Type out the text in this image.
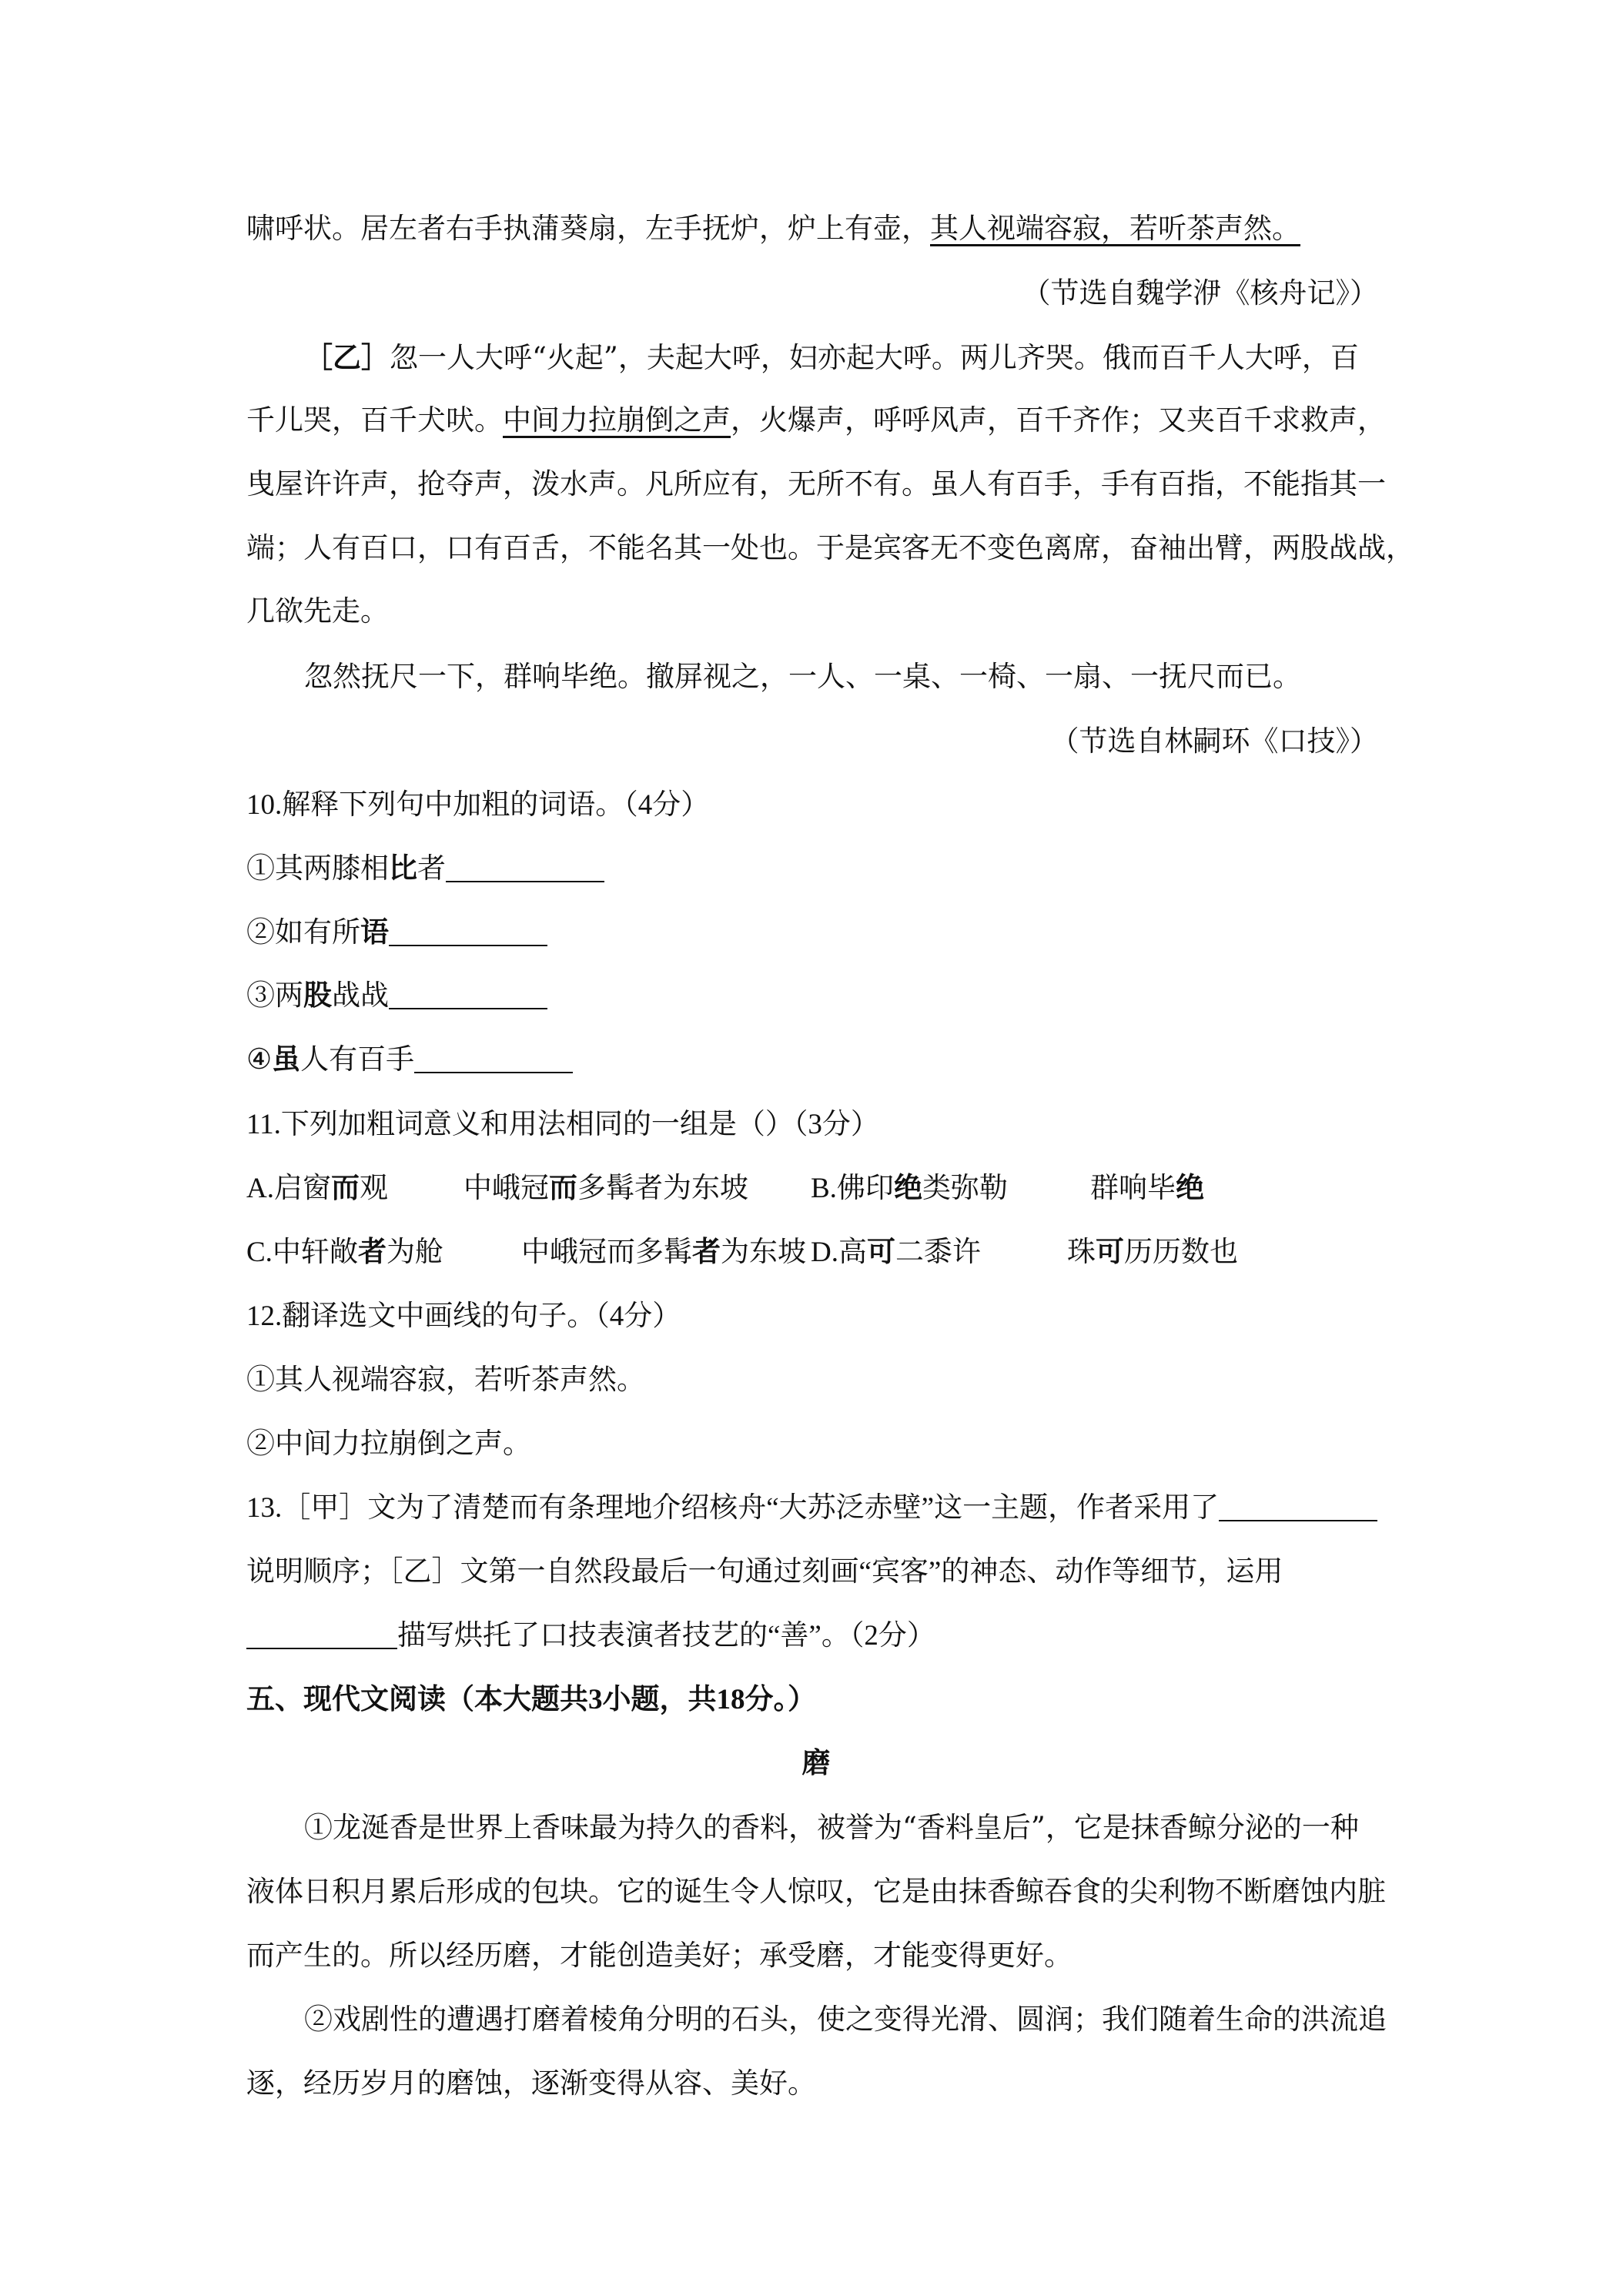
啸呼状。居左者右手执蒲葵扇，左手抚炉，炉上有壶，其人视端容寂，若听茶声然。
（节选自魏学洢《核舟记》）
［乙］忽一人大呼“火起”，夫起大呼，妇亦起大呼。两儿齐哭。俄而百千人大呼，百
千儿哭，百千犬吠。中间力拉崩倒之声，火爆声，呼呼风声，百千齐作；又夹百千求救声，
曳屋许许声，抢夺声，泼水声。凡所应有，无所不有。虽人有百手，手有百指，不能指其一
端；人有百口，口有百舌，不能名其一处也。于是宾客无不变色离席，奋袖出臂，两股战战，
几欲先走。
忽然抚尺一下，群响毕绝。撤屏视之，一人、一桌、一椅、一扇、一抚尺而已。
（节选自林嗣环《口技》）
10.解释下列句中加粗的词语。（4分）
①其两膝相比者
②如有所语
③两股战战
④虽人有百手
11.下列加粗词意义和用法相同的一组是（）（3分）
A.启窗而观	中峨冠而多髯者为东坡 B.佛印绝类弥勒	群响毕绝
C.中轩敞者为舱	中峨冠而多髯者为东坡 D.高可二黍许	珠可历历数也
12.翻译选文中画线的句子。（4分）
①其人视端容寂，若听茶声然。
②中间力拉崩倒之声。
13.［甲］文为了清楚而有条理地介绍核舟“大苏泛赤壁”这一主题，作者采用了
说明顺序；［乙］文第一自然段最后一句通过刻画“宾客”的神态、动作等细节，运用
描写烘托了口技表演者技艺的“善”。（2分）
五、现代文阅读（本大题共3小题，共18分。）
磨
①龙涎香是世界上香味最为持久的香料，被誉为“香料皇后”，它是抹香鲸分泌的一种
液体日积月累后形成的包块。它的诞生令人惊叹，它是由抹香鲸吞食的尖利物不断磨蚀内脏
而产生的。所以经历磨，才能创造美好；承受磨，才能变得更好。
②戏剧性的遭遇打磨着棱角分明的石头，使之变得光滑、圆润；我们随着生命的洪流追
逐，经历岁月的磨蚀，逐渐变得从容、美好。
